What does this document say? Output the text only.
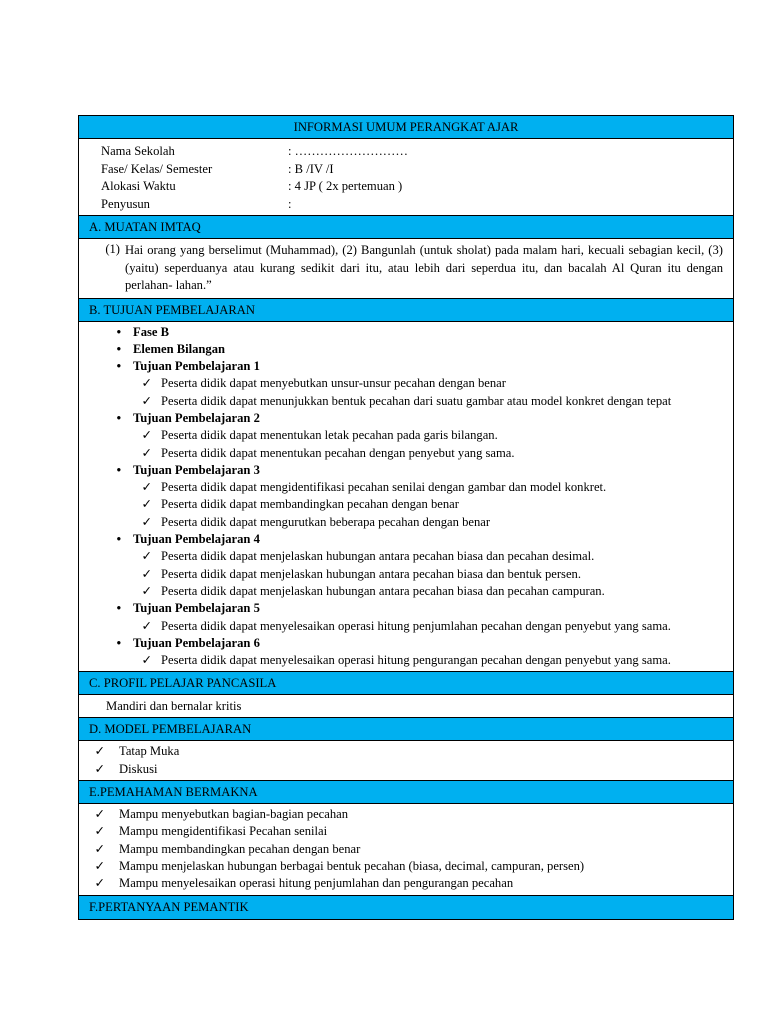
INFORMASI UMUM PERANGKAT AJAR
Nama Sekolah	: ………………………
Fase/ Kelas/ Semester	: B /IV /I
Alokasi Waktu	: 4 JP ( 2x pertemuan )
Penyusun	:
A. MUATAN IMTAQ
(1) Hai orang yang berselimut (Muhammad), (2) Bangunlah (untuk sholat) pada malam hari, kecuali sebagian kecil, (3) (yaitu) seperduanya atau kurang sedikit dari itu, atau lebih dari seperdua itu, dan bacalah Al Quran itu dengan perlahan- lahan.”
B. TUJUAN PEMBELAJARAN
• Fase B
• Elemen Bilangan
• Tujuan Pembelajaran 1
✓ Peserta didik dapat menyebutkan unsur-unsur pecahan dengan benar
✓ Peserta didik dapat menunjukkan bentuk pecahan dari suatu gambar atau model konkret dengan tepat
• Tujuan Pembelajaran 2
✓ Peserta didik dapat menentukan letak pecahan pada garis bilangan.
✓ Peserta didik dapat menentukan pecahan dengan penyebut yang sama.
• Tujuan Pembelajaran 3
✓ Peserta didik dapat mengidentifikasi pecahan senilai dengan gambar dan model konkret.
✓ Peserta didik dapat membandingkan pecahan dengan benar
✓ Peserta didik dapat mengurutkan beberapa pecahan dengan benar
• Tujuan Pembelajaran 4
✓ Peserta didik dapat menjelaskan hubungan antara pecahan biasa dan pecahan desimal.
✓ Peserta didik dapat menjelaskan hubungan antara pecahan biasa dan bentuk persen.
✓ Peserta didik dapat menjelaskan hubungan antara pecahan biasa dan pecahan campuran.
• Tujuan Pembelajaran 5
✓ Peserta didik dapat menyelesaikan operasi hitung penjumlahan pecahan dengan penyebut yang sama.
• Tujuan Pembelajaran 6
✓ Peserta didik dapat menyelesaikan operasi hitung pengurangan pecahan dengan penyebut yang sama.
C. PROFIL PELAJAR PANCASILA
Mandiri dan bernalar kritis
D. MODEL PEMBELAJARAN
✓	Tatap Muka
✓	Diskusi
E.PEMAHAMAN BERMAKNA
✓	Mampu menyebutkan bagian-bagian pecahan
✓	Mampu mengidentifikasi Pecahan senilai
✓	Mampu membandingkan pecahan dengan benar
✓	Mampu menjelaskan hubungan berbagai bentuk pecahan (biasa, decimal, campuran, persen)
✓	Mampu menyelesaikan operasi hitung penjumlahan dan pengurangan pecahan
F.PERTANYAAN PEMANTIK
